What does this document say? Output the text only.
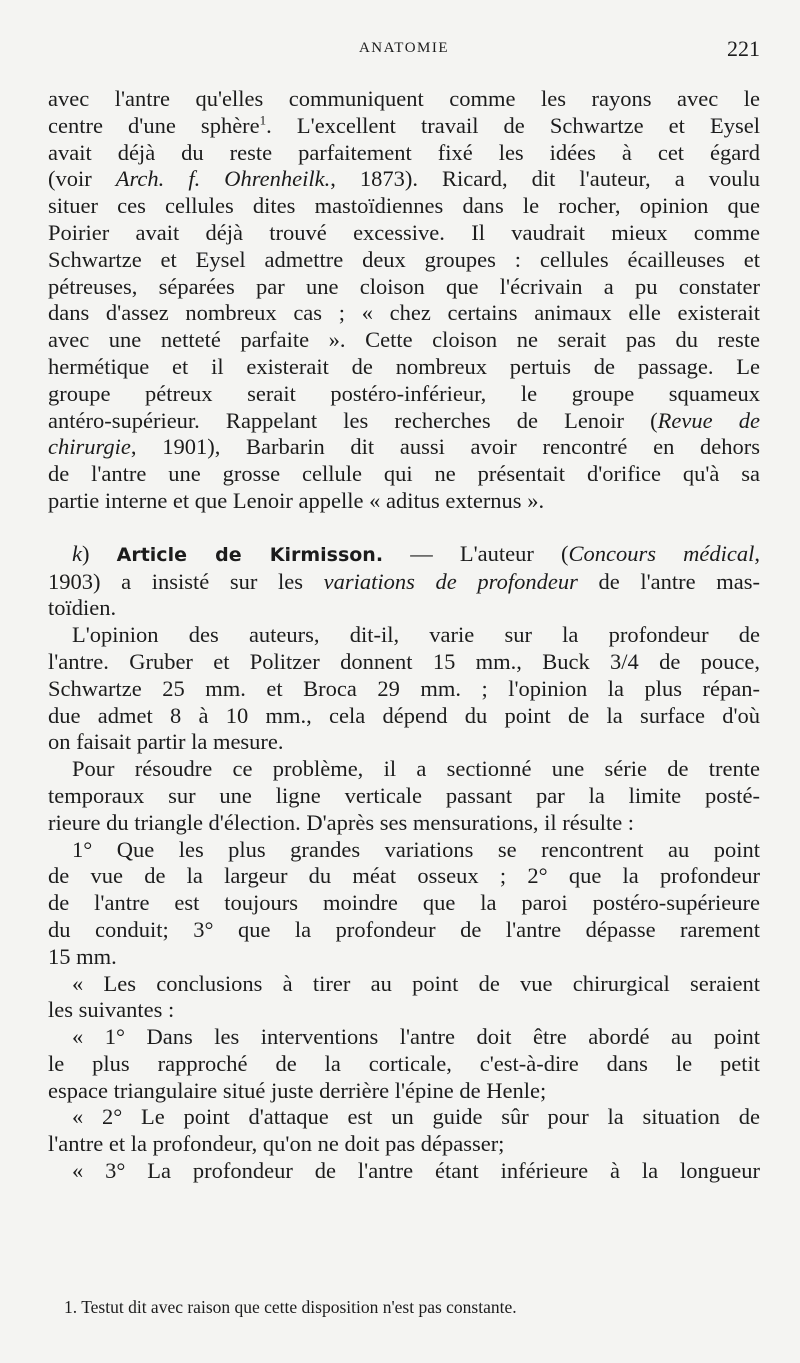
ANATOMIE	221

avec l'antre qu'elles communiquent comme les rayons avec le

centre d'une sphère$^1$. L'excellent travail de Schwartze et Eysel

avait déjà du reste parfaitement fixé les idées à cet égard

(voir Arch. f. Ohrenheilk., 1873). Ricard, dit l'auteur, a voulu

situer ces cellules dites mastoïdiennes dans le rocher, opinion que

Poirier avait déjà trouvé excessive. Il vaudrait mieux comme

Schwartze et Eysel admettre deux groupes : cellules écailleuses et

pétreuses, séparées par une cloison que l'écrivain a pu constater

dans d'assez nombreux cas ; « chez certains animaux elle existerait

avec une netteté parfaite ». Cette cloison ne serait pas du reste

hermétique et il existerait de nombreux pertuis de passage. Le

groupe pétreux serait postéro-inférieur, le groupe squameux

antéro-supérieur. Rappelant les recherches de Lenoir (Revue de

chirurgie, 1901), Barbarin dit aussi avoir rencontré en dehors

de l'antre une grosse cellule qui ne présentait d'orifice qu'à sa

partie interne et que Lenoir appelle « aditus externus ».

k) Article de Kirmisson. — L'auteur (Concours médical,

1903) a insisté sur les variations de profondeur de l'antre mas-

toïdien.

L'opinion des auteurs, dit-il, varie sur la profondeur de

l'antre. Gruber et Politzer donnent 15 mm., Buck 3/4 de pouce,

Schwartze 25 mm. et Broca 29 mm. ; l'opinion la plus répan-

due admet 8 à 10 mm., cela dépend du point de la surface d'où

on faisait partir la mesure.

Pour résoudre ce problème, il a sectionné une série de trente

temporaux sur une ligne verticale passant par la limite posté-

rieure du triangle d'élection. D'après ses mensurations, il résulte :

1° Que les plus grandes variations se rencontrent au point

de vue de la largeur du méat osseux ; 2° que la profondeur

de l'antre est toujours moindre que la paroi postéro-supérieure

du conduit; 3° que la profondeur de l'antre dépasse rarement

15 mm.

« Les conclusions à tirer au point de vue chirurgical seraient

les suivantes :

« 1° Dans les interventions l'antre doit être abordé au point

le plus rapproché de la corticale, c'est-à-dire dans le petit

espace triangulaire situé juste derrière l'épine de Henle;

« 2° Le point d'attaque est un guide sûr pour la situation de

l'antre et la profondeur, qu'on ne doit pas dépasser;

« 3° La profondeur de l'antre étant inférieure à la longueur

1. Testut dit avec raison que cette disposition n'est pas constante.
